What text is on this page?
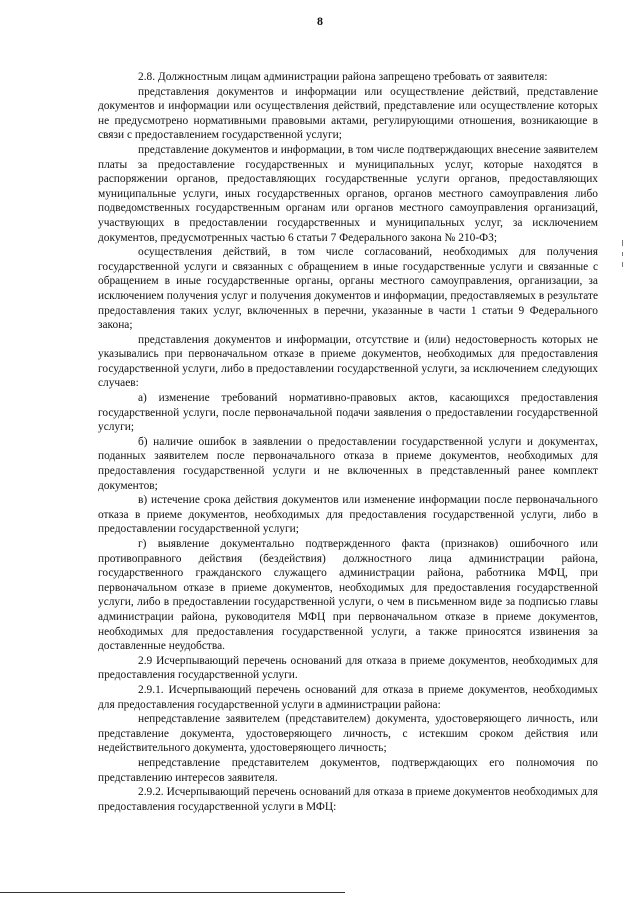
8

2.8. Должностным лицам администрации района запрещено требовать от заявителя:

представления документов и информации или осуществление действий, представление документов и информации или осуществления действий, представление или осуществление которых не предусмотрено нормативными правовыми актами, регулирующими отношения, возникающие в связи с предоставлением государственной услуги;

представление документов и информации, в том числе подтверждающих внесение заявителем платы за предоставление государственных и муниципальных услуг, которые находятся в распоряжении органов, предоставляющих государственные услуги органов, предоставляющих муниципальные услуги, иных государственных органов, органов местного самоуправления либо подведомственных государственным органам или органов местного самоуправления организаций, участвующих в предоставлении государственных и муниципальных услуг, за исключением документов, предусмотренных частью 6 статьи 7 Федерального закона № 210-ФЗ;

осуществления действий, в том числе согласований, необходимых для получения государственной услуги и связанных с обращением в иные государственные услуги и связанные с обращением в иные государственные органы, органы местного самоуправления, организации, за исключением получения услуг и получения документов и информации, предоставляемых в результате предоставления таких услуг, включенных в перечни, указанные в части 1 статьи 9 Федерального закона;

представления документов и информации, отсутствие и (или) недостоверность которых не указывались при первоначальном отказе в приеме документов, необходимых для предоставления государственной услуги, либо в предоставлении государственной услуги, за исключением следующих случаев:

а) изменение требований нормативно-правовых актов, касающихся предоставления государственной услуги, после первоначальной подачи заявления о предоставлении государственной услуги;

б) наличие ошибок в заявлении о предоставлении государственной услуги и документах, поданных заявителем после первоначального отказа в приеме документов, необходимых для предоставления государственной услуги и не включенных в представленный ранее комплект документов;

в) истечение срока действия документов или изменение информации после первоначального отказа в приеме документов, необходимых для предоставления государственной услуги, либо в предоставлении государственной услуги;

г) выявление документально подтвержденного факта (признаков) ошибочного или противоправного действия (бездействия) должностного лица администрации района, государственного гражданского служащего администрации района, работника МФЦ, при первоначальном отказе в приеме документов, необходимых для предоставления государственной услуги, либо в предоставлении государственной услуги, о чем в письменном виде за подписью главы администрации района, руководителя МФЦ при первоначальном отказе в приеме документов, необходимых для предоставления государственной услуги, а также приносятся извинения за доставленные неудобства.

2.9 Исчерпывающий перечень оснований для отказа в приеме документов, необходимых для предоставления государственной услуги.

2.9.1. Исчерпывающий перечень оснований для отказа в приеме документов, необходимых для предоставления государственной услуги в администрации района:

непредставление заявителем (представителем) документа, удостоверяющего личность, или представление документа, удостоверяющего личность, с истекшим сроком действия или недействительного документа, удостоверяющего личность;

непредставление представителем документов, подтверждающих его полномочия по представлению интересов заявителя.

2.9.2. Исчерпывающий перечень оснований для отказа в приеме документов необходимых для предоставления государственной услуги в МФЦ:
